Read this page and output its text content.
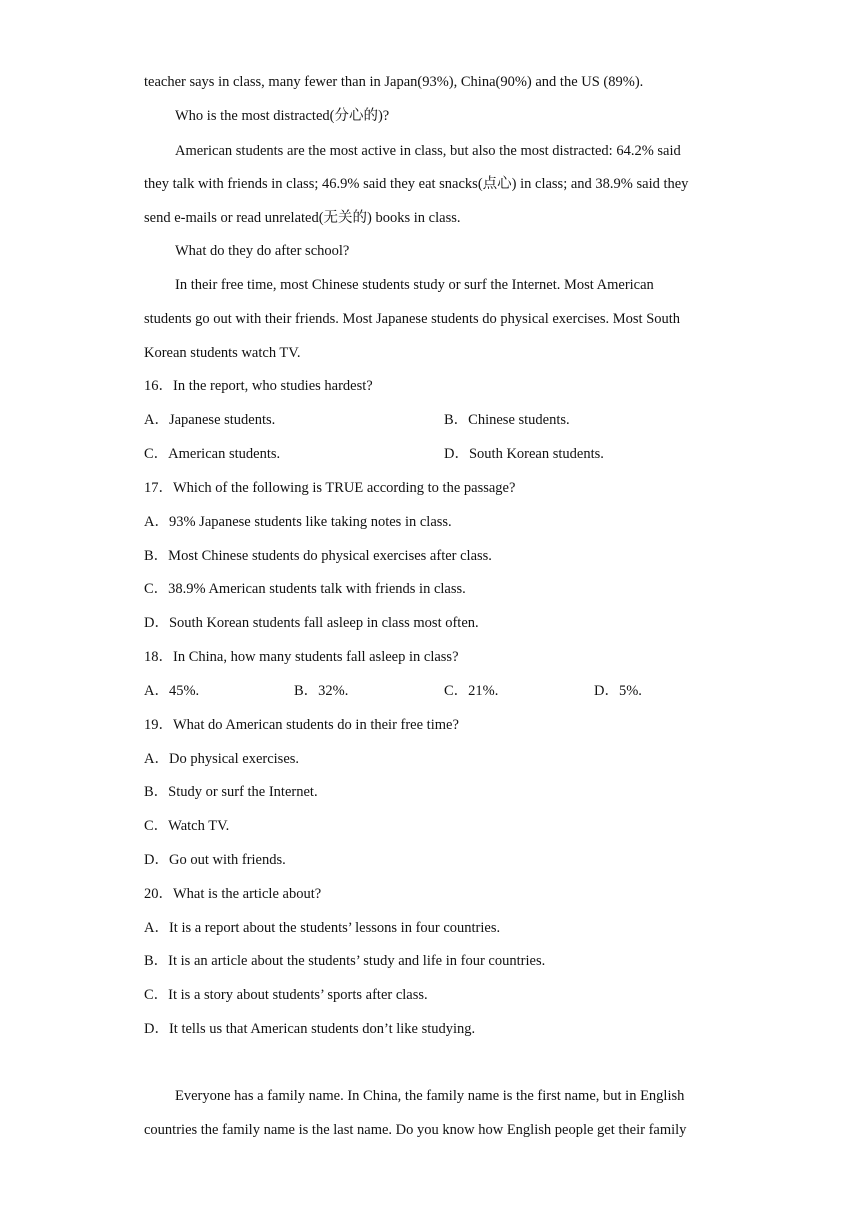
teacher says in class, many fewer than in Japan(93%), China(90%) and the US (89%).
Who is the most distracted(分心的)?
American students are the most active in class, but also the most distracted: 64.2% said
they talk with friends in class; 46.9% said they eat snacks(点心) in class; and 38.9% said they
send e-mails or read unrelated(无关的) books in class.
What do they do after school?
In their free time, most Chinese students study or surf the Internet. Most American
students go out with their friends. Most Japanese students do physical exercises. Most South
Korean students watch TV.
16．In the report, who studies hardest?
A．Japanese students.	B．Chinese students.
C．American students.	D．South Korean students.
17．Which of the following is TRUE according to the passage?
A．93% Japanese students like taking notes in class.
B．Most Chinese students do physical exercises after class.
C．38.9% American students talk with friends in class.
D．South Korean students fall asleep in class most often.
18．In China, how many students fall asleep in class?
A．45%.	B．32%.	C．21%.	D．5%.
19．What do American students do in their free time?
A．Do physical exercises.
B．Study or surf the Internet.
C．Watch TV.
D．Go out with friends.
20．What is the article about?
A．It is a report about the students’ lessons in four countries.
B．It is an article about the students’ study and life in four countries.
C．It is a story about students’ sports after class.
D．It tells us that American students don’t like studying.
Everyone has a family name. In China, the family name is the first name, but in English
countries the family name is the last name. Do you know how English people get their family
